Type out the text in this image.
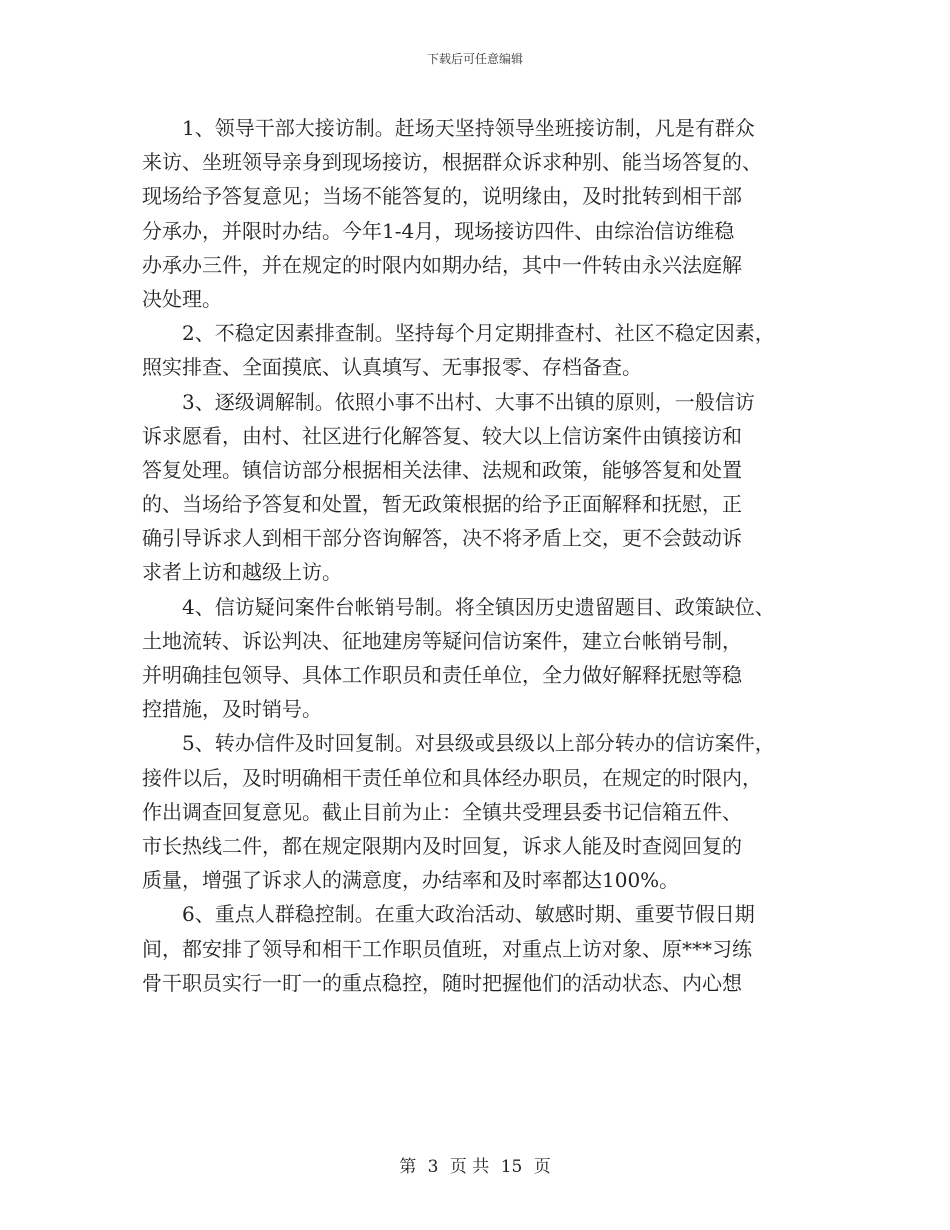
下载后可任意编辑
1、领导干部大接访制。赶场天坚持领导坐班接访制，凡是有群众
来访、坐班领导亲身到现场接访，根据群众诉求种别、能当场答复的、
现场给予答复意见；当场不能答复的，说明缘由，及时批转到相干部
分承办，并限时办结。今年1-4月，现场接访四件、由综治信访维稳
办承办三件，并在规定的时限内如期办结，其中一件转由永兴法庭解
决处理。
2、不稳定因素排查制。坚持每个月定期排查村、社区不稳定因素，
照实排查、全面摸底、认真填写、无事报零、存档备查。
3、逐级调解制。依照小事不出村、大事不出镇的原则，一般信访
诉求愿看，由村、社区进行化解答复、较大以上信访案件由镇接访和
答复处理。镇信访部分根据相关法律、法规和政策，能够答复和处置
的、当场给予答复和处置，暂无政策根据的给予正面解释和抚慰，正
确引导诉求人到相干部分咨询解答，决不将矛盾上交，更不会鼓动诉
求者上访和越级上访。
4、信访疑问案件台帐销号制。将全镇因历史遗留题目、政策缺位、
土地流转、诉讼判决、征地建房等疑问信访案件，建立台帐销号制，
并明确挂包领导、具体工作职员和责任单位，全力做好解释抚慰等稳
控措施，及时销号。
5、转办信件及时回复制。对县级或县级以上部分转办的信访案件，
接件以后，及时明确相干责任单位和具体经办职员，在规定的时限内，
作出调查回复意见。截止目前为止：全镇共受理县委书记信箱五件、
市长热线二件，都在规定限期内及时回复，诉求人能及时查阅回复的
质量，增强了诉求人的满意度，办结率和及时率都达100%。
6、重点人群稳控制。在重大政治活动、敏感时期、重要节假日期
间，都安排了领导和相干工作职员值班，对重点上访对象、原***习练
骨干职员实行一盯一的重点稳控，随时把握他们的活动状态、内心想
第 3 页 共 15 页
